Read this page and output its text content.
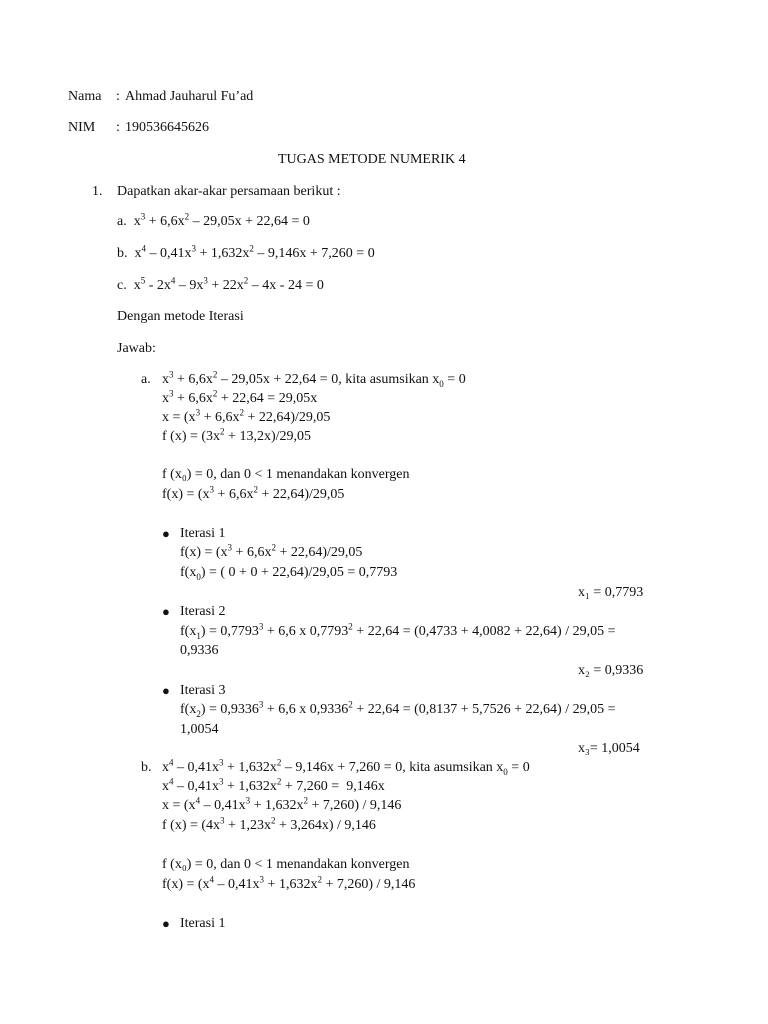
Nama : Ahmad Jauharul Fu’ad
NIM : 190536645626
TUGAS METODE NUMERIK 4
1. Dapatkan akar-akar persamaan berikut :
a.  $x^3 + 6,6x^2 - 29,05x + 22,64 = 0$
b.  $x^4 - 0,41x^3 + 1,632x^2 - 9,146x + 7,260 = 0$
c.  $x^5 - 2x^4 - 9x^3 + 22x^2 - 4x - 24 = 0$
Dengan metode Iterasi
Jawab:
a. $x^3 + 6,6x^2 - 29,05x + 22,64 = 0$, kita asumsikan $x_0 = 0$
$x^3 + 6,6x^2 + 22,64 = 29,05x$
$x = (x^3 + 6,6x^2 + 22,64)/29,05$
f $(x) = (3x^2 + 13,2x)/29,05$
f (x₀) = 0, dan 0 < 1 menandakan konvergen
$f(x) = (x^3 + 6,6x^2 + 22,64)/29,05$
● Iterasi 1
$f(x) = (x^3 + 6,6x^2 + 22,64)/29,05$
$f(x_0)$ = ( 0 + 0 + 22,64)/29,05 = 0,7793
x₁ = 0,7793
● Iterasi 2
$f(x_1) = 0,7793^3 + 6,6$ x $0,7793^2 + 22,64 = (0,4733 + 4,0082 + 22,64) / 29,05$ =
0,9336
x₂ = 0,9336
● Iterasi 3
$f(x_2) = 0,9336^3 + 6,6$ x $0,9336^2 + 22,64 = (0,8137 + 5,7526 + 22,64) / 29,05$ =
1,0054
x₃= 1,0054
b. $x^4 - 0,41x^3 + 1,632x^2 - 9,146x + 7,260 = 0$, kita asumsikan $x_0 = 0$
$x^4 - 0,41x^3 + 1,632x^2 + 7,260 = 9,146x$
$x = (x^4 - 0,41x^3 + 1,632x^2 + 7,260) / 9,146$
f $(x) = (4x^3 + 1,23x^2 + 3,264x) / 9,146$
f (x₀) = 0, dan 0 < 1 menandakan konvergen
$f(x) = (x^4 - 0,41x^3 + 1,632x^2 + 7,260) / 9,146$
● Iterasi 1
